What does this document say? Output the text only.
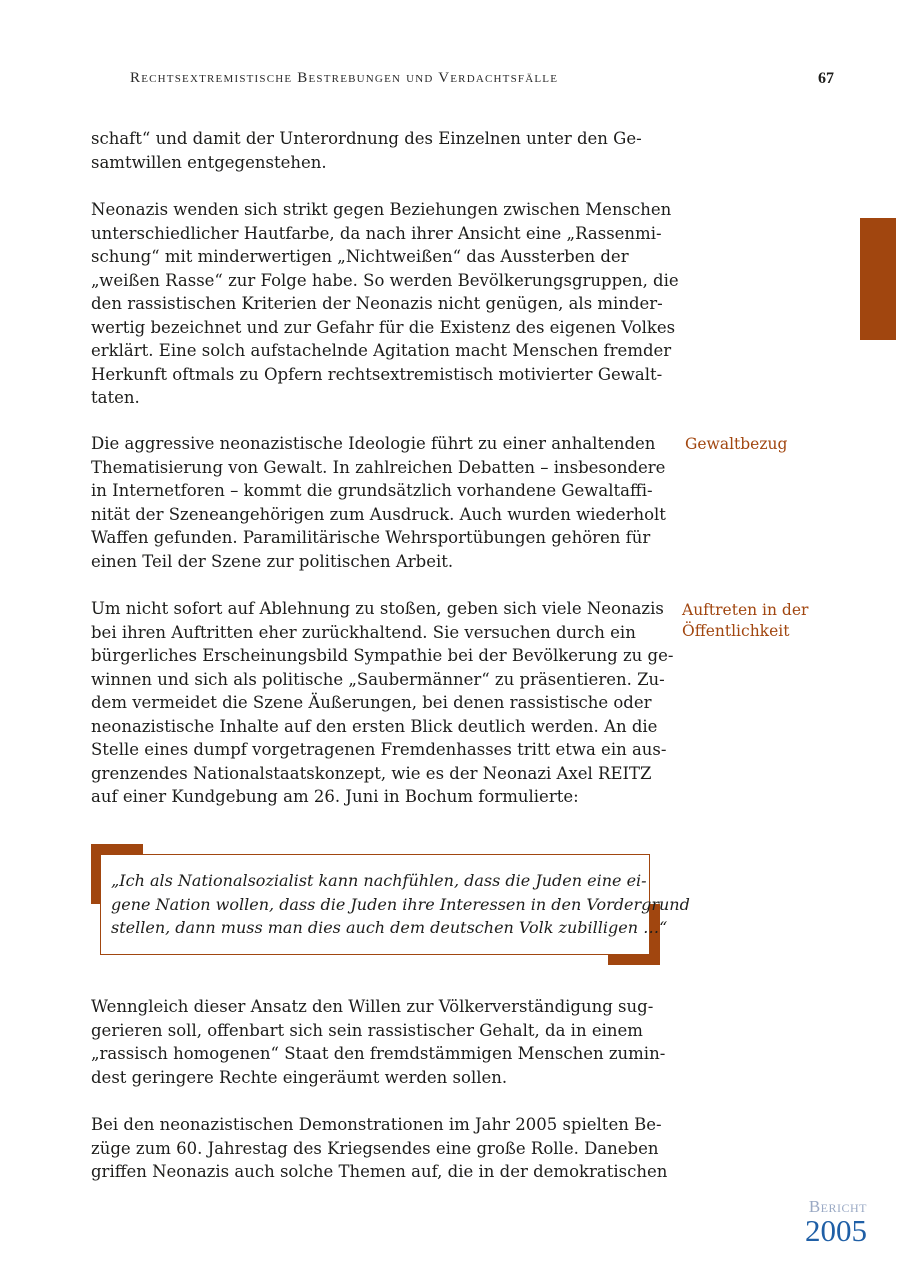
Rechtsextremistische Bestrebungen und Verdachtsfälle	67

schaft“ und damit der Unterordnung des Einzelnen unter den Ge-
samtwillen entgegenstehen.

Neonazis wenden sich strikt gegen Beziehungen zwischen Menschen
unterschiedlicher Hautfarbe, da nach ihrer Ansicht eine „Rassenmi-
schung“ mit minderwertigen „Nichtweißen“ das Aussterben der
„weißen Rasse“ zur Folge habe. So werden Bevölkerungsgruppen, die
den rassistischen Kriterien der Neonazis nicht genügen, als minder-
wertig bezeichnet und zur Gefahr für die Existenz des eigenen Volkes
erklärt. Eine solch aufstachelnde Agitation macht Menschen fremder
Herkunft oftmals zu Opfern rechtsextremistisch motivierter Gewalt-
taten.

Die aggressive neonazistische Ideologie führt zu einer anhaltenden
Thematisierung von Gewalt. In zahlreichen Debatten – insbesondere
in Internetforen – kommt die grundsätzlich vorhandene Gewaltaffi-
nität der Szeneangehörigen zum Ausdruck. Auch wurden wiederholt
Waffen gefunden. Paramilitärische Wehrsportübungen gehören für
einen Teil der Szene zur politischen Arbeit.

Um nicht sofort auf Ablehnung zu stoßen, geben sich viele Neonazis
bei ihren Auftritten eher zurückhaltend. Sie versuchen durch ein
bürgerliches Erscheinungsbild Sympathie bei der Bevölkerung zu ge-
winnen und sich als politische „Saubermänner“ zu präsentieren. Zu-
dem vermeidet die Szene Äußerungen, bei denen rassistische oder
neonazistische Inhalte auf den ersten Blick deutlich werden. An die
Stelle eines dumpf vorgetragenen Fremdenhasses tritt etwa ein aus-
grenzendes Nationalstaatskonzept, wie es der Neonazi Axel REITZ
auf einer Kundgebung am 26. Juni in Bochum formulierte:

Gewaltbezug
Auftreten in der
Öffentlichkeit
„Ich als Nationalsozialist kann nachfühlen, dass die Juden eine ei-
gene Nation wollen, dass die Juden ihre Interessen in den Vordergrund
stellen, dann muss man dies auch dem deutschen Volk zubilligen …“

Wenngleich dieser Ansatz den Willen zur Völkerverständigung sug-
gerieren soll, offenbart sich sein rassistischer Gehalt, da in einem
„rassisch homogenen“ Staat den fremdstämmigen Menschen zumin-
dest geringere Rechte eingeräumt werden sollen.

Bei den neonazistischen Demonstrationen im Jahr 2005 spielten Be-
züge zum 60. Jahrestag des Kriegsendes eine große Rolle. Daneben
griffen Neonazis auch solche Themen auf, die in der demokratischen

Bericht
2005
